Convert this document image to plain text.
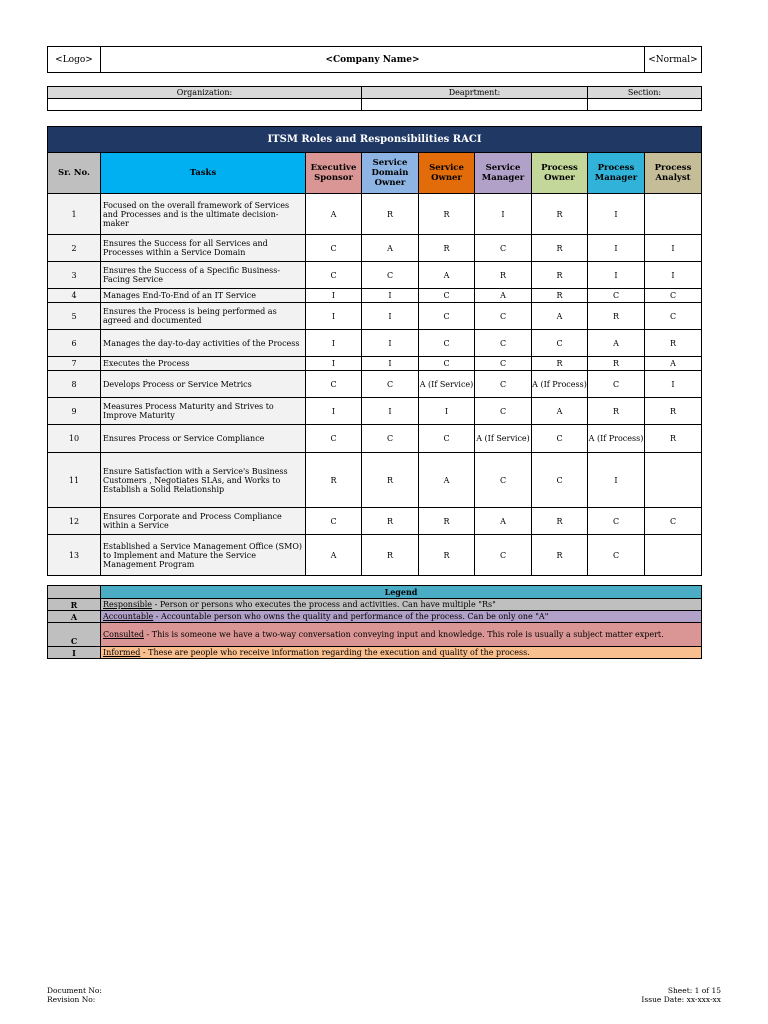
<Logo>	<Company Name>	<Normal>
Organization:	Deaprtment:	Section:

ITSM Roles and Responsibilities RACI								
Sr. No.	Tasks	Executive Sponsor	Service Domain Owner	Service Owner	Service Manager	Process Owner	Process Manager	Process Analyst
1	Focused on the overall framework of Services and Processes and is the ultimate decision-maker	A	R	R	I	R	I	
2	Ensures the Success for all Services and Processes within a Service Domain	C	A	R	C	R	I	I
3	Ensures the Success of a Specific Business-Facing Service	C	C	A	R	R	I	I
4	Manages End-To-End of an IT Service	I	I	C	A	R	C	C
5	Ensures the Process is being performed as agreed and documented	I	I	C	C	A	R	C
6	Manages the day-to-day activities of the Process	I	I	C	C	C	A	R
7	Executes the Process	I	I	C	C	R	R	A
8	Develops Process or Service Metrics	C	C	A (If Service)	C	A (If Process)	C	I
9	Measures Process Maturity and Strives to Improve Maturity	I	I	I	C	A	R	R
10	Ensures Process or Service Compliance	C	C	C	A (If Service)	C	A (If Process)	R
11	Ensure Satisfaction with a Service's Business Customers , Negotiates SLAs, and Works to Establish a Solid Relationship	R	R	A	C	C	I	
12	Ensures Corporate and Process Compliance within a Service	C	R	R	A	R	C	C
13	Established a Service Management Office (SMO) to Implement and Mature the Service Management Program	A	R	R	C	R	C	
	Legend
R	Responsible - Person or persons who executes the process and activities. Can have multiple "Rs"
A	Accountable - Accountable person who owns the quality and performance of the process. Can be only one "A"
C	Consulted - This is someone we have a two-way conversation conveying input and knowledge. This role is usually a subject matter expert.
I	Informed - These are people who receive information regarding the execution and quality of the process.
Document No:
Revision No:
Sheet: 1 of 15
Issue Date: xx-xxx-xx
